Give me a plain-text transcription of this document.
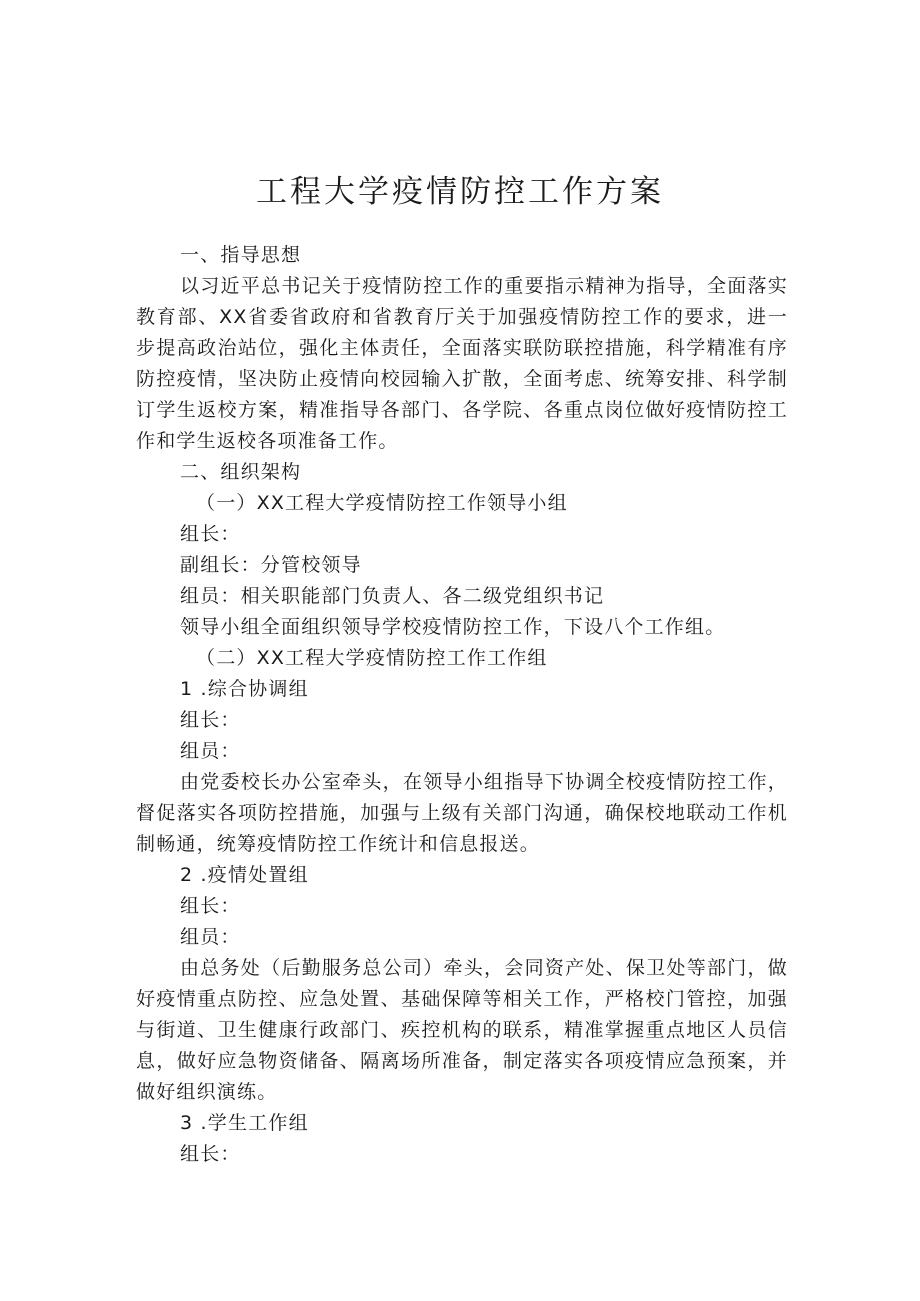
工程大学疫情防控工作方案

一、指导思想

以习近平总书记关于疫情防控工作的重要指示精神为指导，全面落实教育部、XX省委省政府和省教育厅关于加强疫情防控工作的要求，进一步提高政治站位，强化主体责任，全面落实联防联控措施，科学精准有序防控疫情，坚决防止疫情向校园输入扩散，全面考虑、统筹安排、科学制订学生返校方案，精准指导各部门、各学院、各重点岗位做好疫情防控工作和学生返校各项准备工作。

二、组织架构

（一）XX工程大学疫情防控工作领导小组

组长：

副组长：分管校领导

组员：相关职能部门负责人、各二级党组织书记

领导小组全面组织领导学校疫情防控工作，下设八个工作组。

（二）XX工程大学疫情防控工作工作组

1 .综合协调组

组长：

组员：

由党委校长办公室牵头，在领导小组指导下协调全校疫情防控工作，督促落实各项防控措施，加强与上级有关部门沟通，确保校地联动工作机制畅通，统筹疫情防控工作统计和信息报送。

2 .疫情处置组

组长：

组员：

由总务处（后勤服务总公司）牵头，会同资产处、保卫处等部门，做好疫情重点防控、应急处置、基础保障等相关工作，严格校门管控，加强与街道、卫生健康行政部门、疾控机构的联系，精准掌握重点地区人员信息，做好应急物资储备、隔离场所准备，制定落实各项疫情应急预案，并做好组织演练。

3 .学生工作组

组长：
